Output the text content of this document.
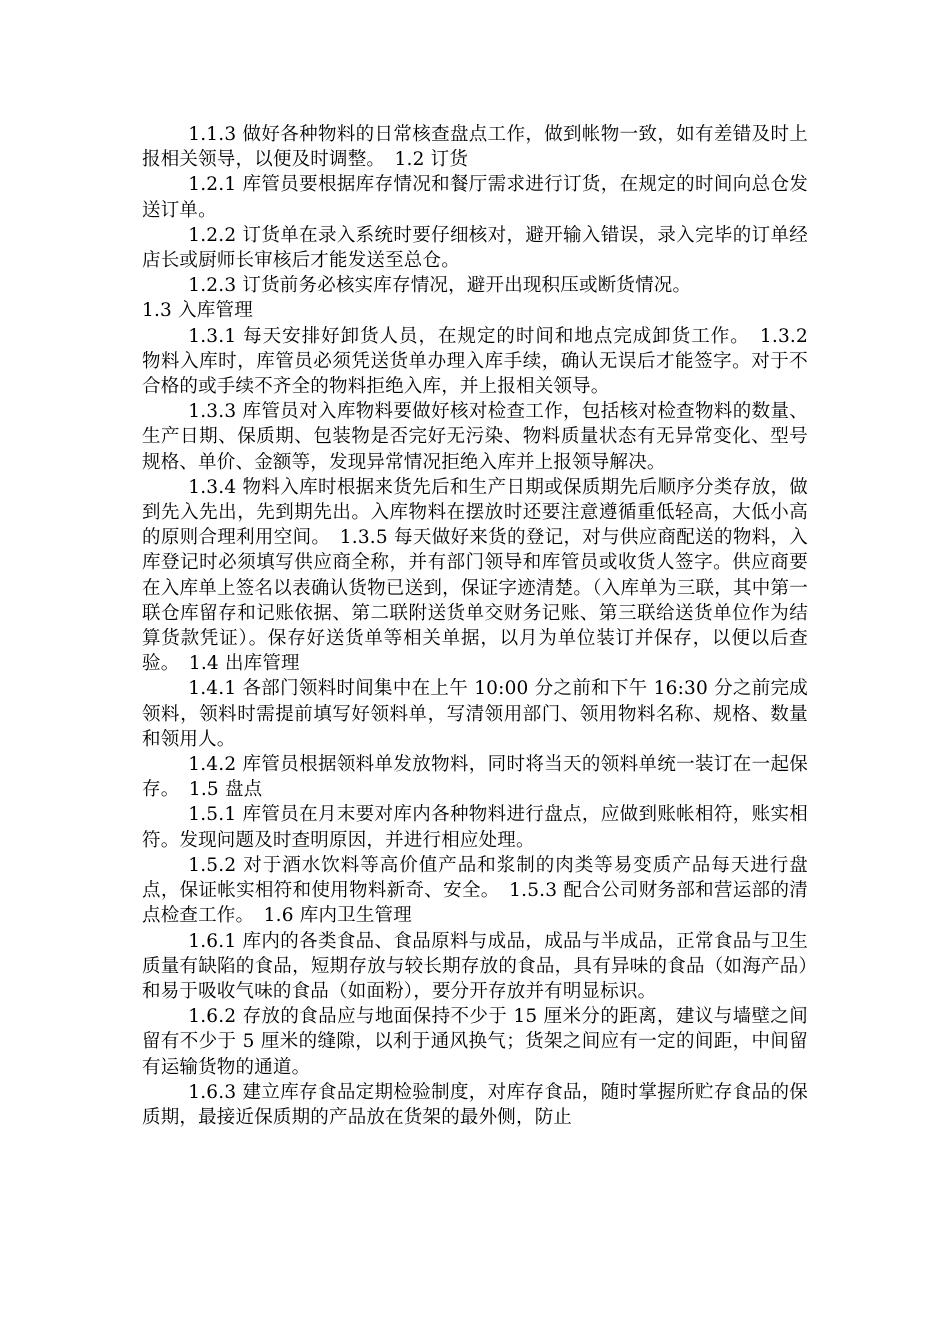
1.1.3 做好各种物料的日常核查盘点工作，做到帐物一致，如有差错及时上报相关领导，以便及时调整。　1.2 订货

1.2.1 库管员要根据库存情况和餐厅需求进行订货，在规定的时间向总仓发送订单。

1.2.2 订货单在录入系统时要仔细核对，避开输入错误，录入完毕的订单经店长或厨师长审核后才能发送至总仓。

1.2.3 订货前务必核实库存情况，避开出现积压或断货情况。

1.3 入库管理

1.3.1 每天安排好卸货人员，在规定的时间和地点完成卸货工作。　1.3.2 物料入库时，库管员必须凭送货单办理入库手续，确认无误后才能签字。对于不合格的或手续不齐全的物料拒绝入库，并上报相关领导。

1.3.3 库管员对入库物料要做好核对检查工作，包括核对检查物料的数量、生产日期、保质期、包装物是否完好无污染、物料质量状态有无异常变化、型号规格、单价、金额等，发现异常情况拒绝入库并上报领导解决。

1.3.4 物料入库时根据来货先后和生产日期或保质期先后顺序分类存放，做到先入先出，先到期先出。入库物料在摆放时还要注意遵循重低轻高，大低小高的原则合理利用空间。　1.3.5 每天做好来货的登记，对与供应商配送的物料，入库登记时必须填写供应商全称，并有部门领导和库管员或收货人签字。供应商要在入库单上签名以表确认货物已送到，保证字迹清楚。（入库单为三联，其中第一联仓库留存和记账依据、第二联附送货单交财务记账、第三联给送货单位作为结算货款凭证）。保存好送货单等相关单据，以月为单位装订并保存，以便以后查验。　1.4 出库管理

1.4.1 各部门领料时间集中在上午 10:00 分之前和下午 16:30 分之前完成领料，领料时需提前填写好领料单，写清领用部门、领用物料名称、规格、数量和领用人。

1.4.2 库管员根据领料单发放物料，同时将当天的领料单统一装订在一起保存。　1.5 盘点

1.5.1 库管员在月末要对库内各种物料进行盘点，应做到账帐相符，账实相符。发现问题及时查明原因，并进行相应处理。

1.5.2 对于酒水饮料等高价值产品和浆制的肉类等易变质产品每天进行盘点，保证帐实相符和使用物料新奇、安全。　1.5.3 配合公司财务部和营运部的清点检查工作。　1.6 库内卫生管理

1.6.1 库内的各类食品、食品原料与成品，成品与半成品，正常食品与卫生质量有缺陷的食品，短期存放与较长期存放的食品，具有异味的食品（如海产品）和易于吸收气味的食品（如面粉），要分开存放并有明显标识。

1.6.2 存放的食品应与地面保持不少于 15 厘米分的距离，建议与墙壁之间留有不少于 5 厘米的缝隙，以利于通风换气；货架之间应有一定的间距，中间留有运输货物的通道。

1.6.3 建立库存食品定期检验制度，对库存食品，随时掌握所贮存食品的保质期，最接近保质期的产品放在货架的最外侧，防止
